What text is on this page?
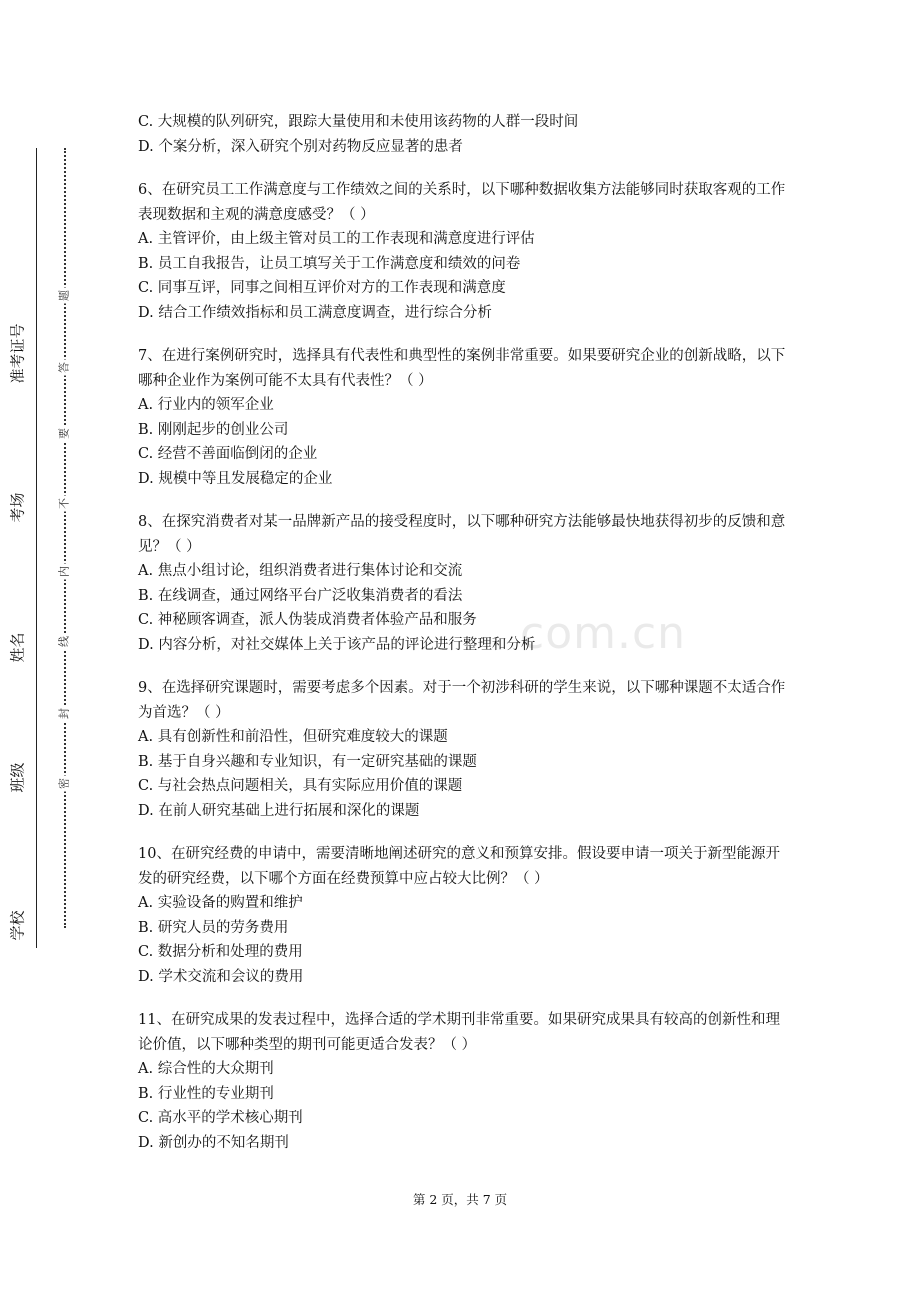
准考证号
考场
姓名
班级
学校
题
答
要
不
内
线
封
密
com.cn
C. 大规模的队列研究，跟踪大量使用和未使用该药物的人群一段时间
D. 个案分析，深入研究个别对药物反应显著的患者
6、在研究员工工作满意度与工作绩效之间的关系时，以下哪种数据收集方法能够同时获取客观的工作表现数据和主观的满意度感受？（ ）
A. 主管评价，由上级主管对员工的工作表现和满意度进行评估
B. 员工自我报告，让员工填写关于工作满意度和绩效的问卷
C. 同事互评，同事之间相互评价对方的工作表现和满意度
D. 结合工作绩效指标和员工满意度调查，进行综合分析
7、在进行案例研究时，选择具有代表性和典型性的案例非常重要。如果要研究企业的创新战略，以下哪种企业作为案例可能不太具有代表性？（ ）
A. 行业内的领军企业
B. 刚刚起步的创业公司
C. 经营不善面临倒闭的企业
D. 规模中等且发展稳定的企业
8、在探究消费者对某一品牌新产品的接受程度时，以下哪种研究方法能够最快地获得初步的反馈和意见？（ ）
A. 焦点小组讨论，组织消费者进行集体讨论和交流
B. 在线调查，通过网络平台广泛收集消费者的看法
C. 神秘顾客调查，派人伪装成消费者体验产品和服务
D. 内容分析，对社交媒体上关于该产品的评论进行整理和分析
9、在选择研究课题时，需要考虑多个因素。对于一个初涉科研的学生来说，以下哪种课题不太适合作为首选？（ ）
A. 具有创新性和前沿性，但研究难度较大的课题
B. 基于自身兴趣和专业知识，有一定研究基础的课题
C. 与社会热点问题相关，具有实际应用价值的课题
D. 在前人研究基础上进行拓展和深化的课题
10、在研究经费的申请中，需要清晰地阐述研究的意义和预算安排。假设要申请一项关于新型能源开发的研究经费，以下哪个方面在经费预算中应占较大比例？（ ）
A. 实验设备的购置和维护
B. 研究人员的劳务费用
C. 数据分析和处理的费用
D. 学术交流和会议的费用
11、在研究成果的发表过程中，选择合适的学术期刊非常重要。如果研究成果具有较高的创新性和理论价值，以下哪种类型的期刊可能更适合发表？（ ）
A. 综合性的大众期刊
B. 行业性的专业期刊
C. 高水平的学术核心期刊
D. 新创办的不知名期刊
第 2 页，共 7 页
